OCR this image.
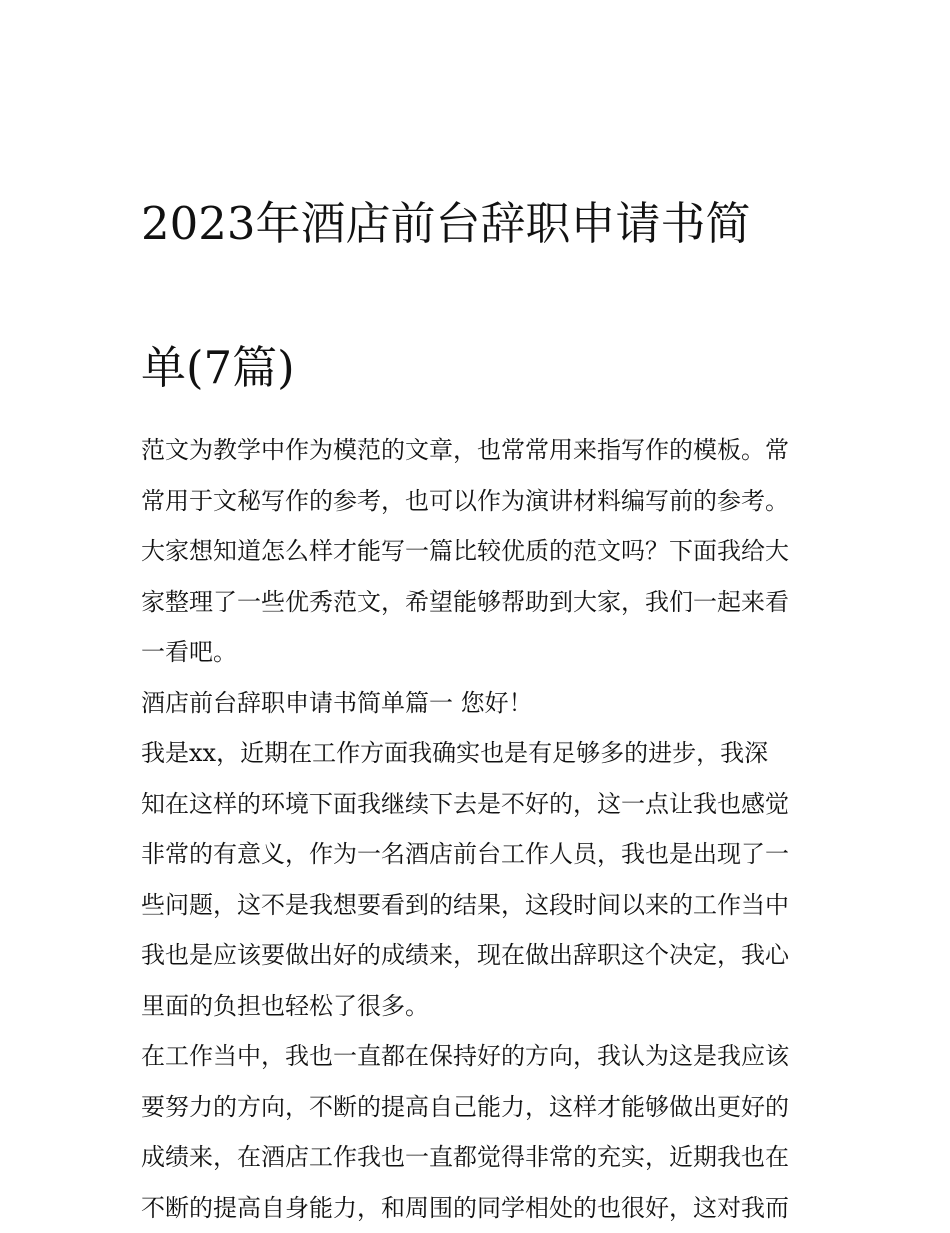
2023年酒店前台辞职申请书简

单(7篇)

范文为教学中作为模范的文章，也常常用来指写作的模板。常
常用于文秘写作的参考，也可以作为演讲材料编写前的参考。
大家想知道怎么样才能写一篇比较优质的范文吗？下面我给大
家整理了一些优秀范文，希望能够帮助到大家，我们一起来看
一看吧。

酒店前台辞职申请书简单篇一 您好！

我是xx，近期在工作方面我确实也是有足够多的进步，我深
知在这样的环境下面我继续下去是不好的，这一点让我也感觉
非常的有意义，作为一名酒店前台工作人员，我也是出现了一
些问题，这不是我想要看到的结果，这段时间以来的工作当中
我也是应该要做出好的成绩来，现在做出辞职这个决定，我心
里面的负担也轻松了很多。

在工作当中，我也一直都在保持好的方向，我认为这是我应该
要努力的方向，不断的提高自己能力，这样才能够做出更好的
成绩来，在酒店工作我也一直都觉得非常的充实，近期我也在
不断的提高自身能力，和周围的同学相处的也很好，这对我而
